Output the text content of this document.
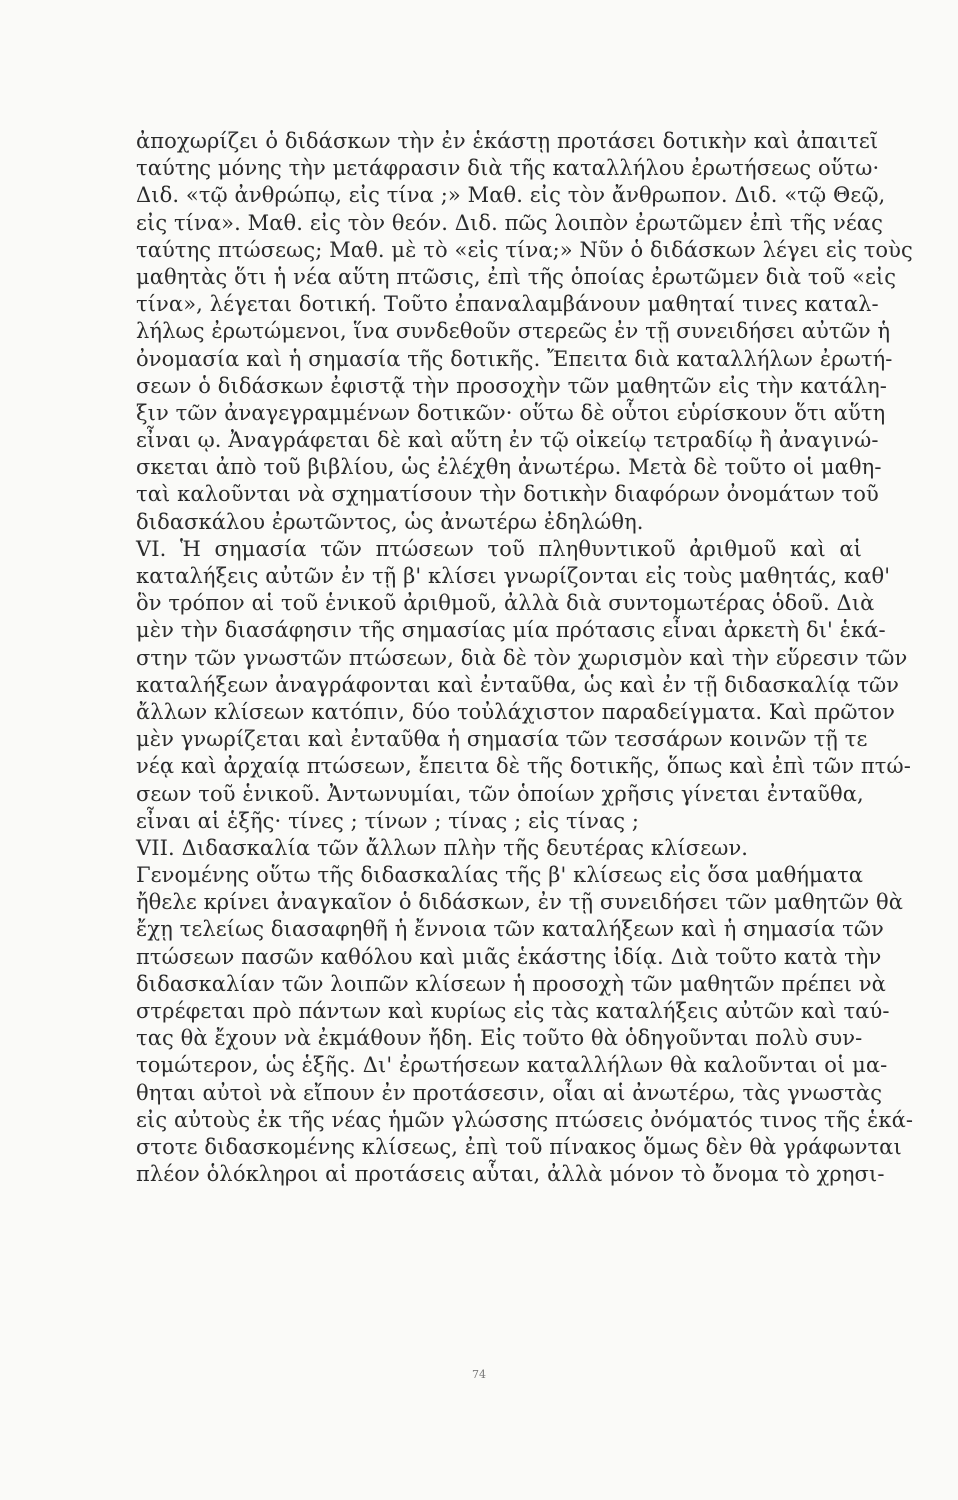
ἀποχωρίζει ὁ διδάσκων τὴν ἐν ἑκάστῃ προτάσει δοτικὴν καὶ ἀπαιτεῖ
ταύτης μόνης τὴν μετάφρασιν διὰ τῆς καταλλήλου ἐρωτήσεως οὕτω·
Διδ. «τῷ ἀνθρώπῳ, εἰς τίνα ;» Μαθ. εἰς τὸν ἄνθρωπον. Διδ. «τῷ Θεῷ,
εἰς τίνα». Μαθ. εἰς τὸν θεόν. Διδ. πῶς λοιπὸν ἐρωτῶμεν ἐπὶ τῆς νέας
ταύτης πτώσεως; Μαθ. μὲ τὸ «εἰς τίνα;» Νῦν ὁ διδάσκων λέγει εἰς τοὺς
μαθητὰς ὅτι ἡ νέα αὕτη πτῶσις, ἐπὶ τῆς ὁποίας ἐρωτῶμεν διὰ τοῦ «εἰς
τίνα», λέγεται δοτική. Τοῦτο ἐπαναλαμβάνουν μαθηταί τινες καταλ-
λήλως ἐρωτώμενοι, ἵνα συνδεθοῦν στερεῶς ἐν τῇ συνειδήσει αὐτῶν ἡ
ὀνομασία καὶ ἡ σημασία τῆς δοτικῆς. Ἔπειτα διὰ καταλλήλων ἐρωτή-
σεων ὁ διδάσκων ἐφιστᾷ τὴν προσοχὴν τῶν μαθητῶν εἰς τὴν κατάλη-
ξιν τῶν ἀναγεγραμμένων δοτικῶν· οὕτω δὲ οὗτοι εὑρίσκουν ὅτι αὕτη
εἶναι ῳ. Ἀναγράφεται δὲ καὶ αὕτη ἐν τῷ οἰκείῳ τετραδίῳ ἢ ἀναγινώ-
σκεται ἀπὸ τοῦ βιβλίου, ὡς ἐλέχθη ἀνωτέρω. Μετὰ δὲ τοῦτο οἱ μαθη-
ταὶ καλοῦνται νὰ σχηματίσουν τὴν δοτικὴν διαφόρων ὀνομάτων τοῦ
διδασκάλου ἐρωτῶντος, ὡς ἀνωτέρω ἐδηλώθη.
VI. Ἡ σημασία τῶν πτώσεων τοῦ πληθυντικοῦ ἀριθμοῦ καὶ αἱ
καταλήξεις αὐτῶν ἐν τῇ β' κλίσει γνωρίζονται εἰς τοὺς μαθητάς, καθ'
ὃν τρόπον αἱ τοῦ ἑνικοῦ ἀριθμοῦ, ἀλλὰ διὰ συντομωτέρας ὁδοῦ. Διὰ
μὲν τὴν διασάφησιν τῆς σημασίας μία πρότασις εἶναι ἀρκετὴ δι' ἑκά-
στην τῶν γνωστῶν πτώσεων, διὰ δὲ τὸν χωρισμὸν καὶ τὴν εὕρεσιν τῶν
καταλήξεων ἀναγράφονται καὶ ἐνταῦθα, ὡς καὶ ἐν τῇ διδασκαλίᾳ τῶν
ἄλλων κλίσεων κατόπιν, δύο τοὐλάχιστον παραδείγματα. Καὶ πρῶτον
μὲν γνωρίζεται καὶ ἐνταῦθα ἡ σημασία τῶν τεσσάρων κοινῶν τῇ τε
νέᾳ καὶ ἀρχαίᾳ πτώσεων, ἔπειτα δὲ τῆς δοτικῆς, ὅπως καὶ ἐπὶ τῶν πτώ-
σεων τοῦ ἑνικοῦ. Ἀντωνυμίαι, τῶν ὁποίων χρῆσις γίνεται ἐνταῦθα,
εἶναι αἱ ἑξῆς· τίνες ; τίνων ; τίνας ; εἰς τίνας ;
VII. Διδασκαλία τῶν ἄλλων πλὴν τῆς δευτέρας κλίσεων.
Γενομένης οὕτω τῆς διδασκαλίας τῆς β' κλίσεως εἰς ὅσα μαθήματα
ἤθελε κρίνει ἀναγκαῖον ὁ διδάσκων, ἐν τῇ συνειδήσει τῶν μαθητῶν θὰ
ἔχῃ τελείως διασαφηθῆ ἡ ἔννοια τῶν καταλήξεων καὶ ἡ σημασία τῶν
πτώσεων πασῶν καθόλου καὶ μιᾶς ἑκάστης ἰδίᾳ. Διὰ τοῦτο κατὰ τὴν
διδασκαλίαν τῶν λοιπῶν κλίσεων ἡ προσοχὴ τῶν μαθητῶν πρέπει νὰ
στρέφεται πρὸ πάντων καὶ κυρίως εἰς τὰς καταλήξεις αὐτῶν καὶ ταύ-
τας θὰ ἔχουν νὰ ἐκμάθουν ἤδη. Εἰς τοῦτο θὰ ὁδηγοῦνται πολὺ συν-
τομώτερον, ὡς ἑξῆς. Δι' ἐρωτήσεων καταλλήλων θὰ καλοῦνται οἱ μα-
θηται αὐτοὶ νὰ εἴπουν ἐν προτάσεσιν, οἷαι αἱ ἀνωτέρω, τὰς γνωστὰς
εἰς αὐτοὺς ἐκ τῆς νέας ἡμῶν γλώσσης πτώσεις ὀνόματός τινος τῆς ἑκά-
στοτε διδασκομένης κλίσεως, ἐπὶ τοῦ πίνακος ὅμως δὲν θὰ γράφωνται
πλέον ὁλόκληροι αἱ προτάσεις αὗται, ἀλλὰ μόνον τὸ ὄνομα τὸ χρησι-
74
